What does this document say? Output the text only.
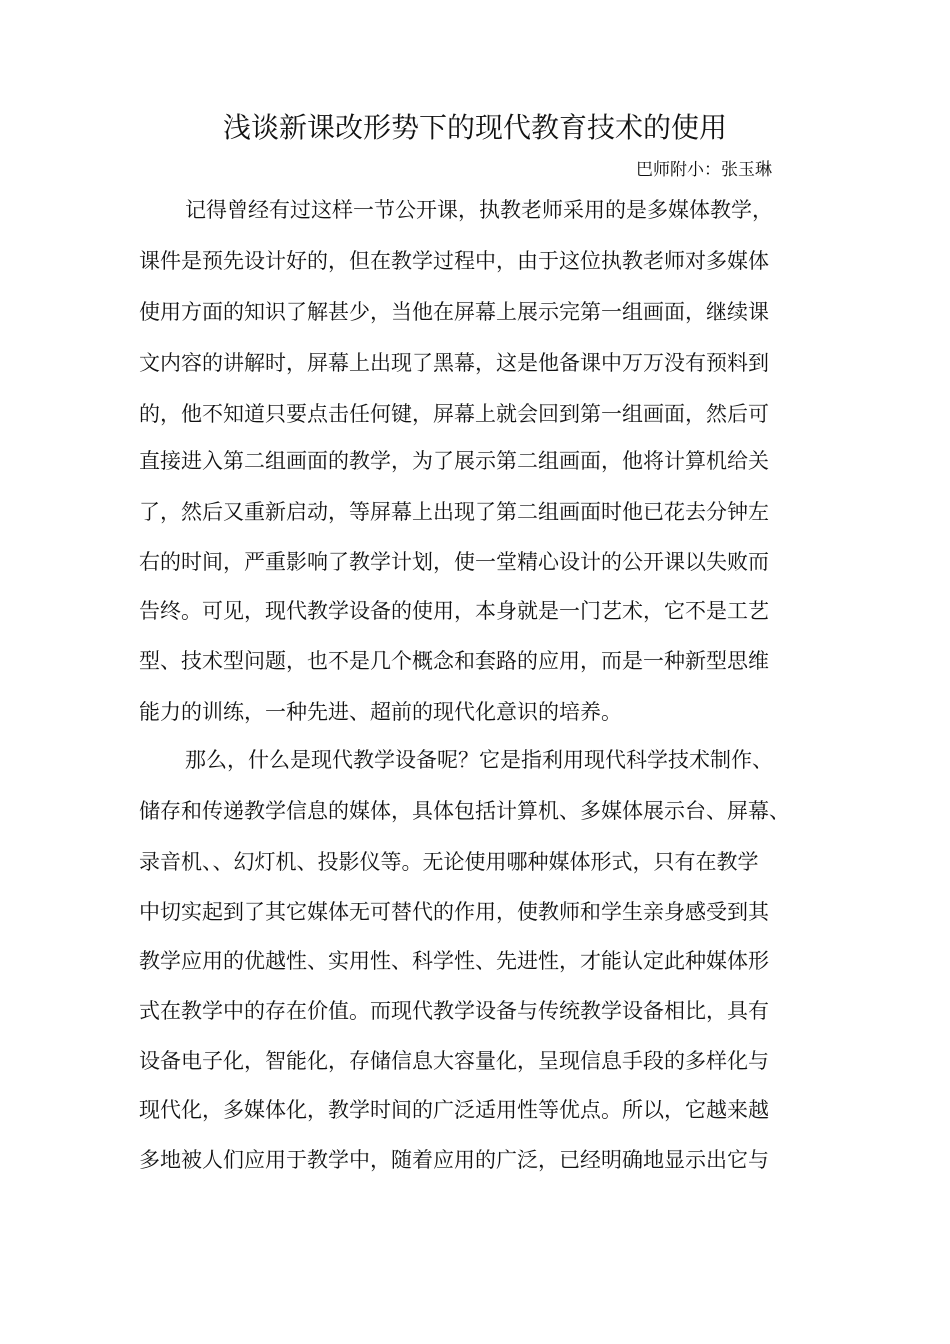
浅谈新课改形势下的现代教育技术的使用
巴师附小：张玉琳
记得曾经有过这样一节公开课，执教老师采用的是多媒体教学，
课件是预先设计好的，但在教学过程中，由于这位执教老师对多媒体
使用方面的知识了解甚少，当他在屏幕上展示完第一组画面，继续课
文内容的讲解时，屏幕上出现了黑幕，这是他备课中万万没有预料到
的，他不知道只要点击任何键，屏幕上就会回到第一组画面，然后可
直接进入第二组画面的教学，为了展示第二组画面，他将计算机给关
了，然后又重新启动，等屏幕上出现了第二组画面时他已花去分钟左
右的时间，严重影响了教学计划，使一堂精心设计的公开课以失败而
告终。可见，现代教学设备的使用，本身就是一门艺术，它不是工艺
型、技术型问题，也不是几个概念和套路的应用，而是一种新型思维
能力的训练，一种先进、超前的现代化意识的培养。
那么，什么是现代教学设备呢？它是指利用现代科学技术制作、
储存和传递教学信息的媒体，具体包括计算机、多媒体展示台、屏幕、
录音机、、幻灯机、投影仪等。无论使用哪种媒体形式，只有在教学
中切实起到了其它媒体无可替代的作用，使教师和学生亲身感受到其
教学应用的优越性、实用性、科学性、先进性，才能认定此种媒体形
式在教学中的存在价值。而现代教学设备与传统教学设备相比，具有
设备电子化，智能化，存储信息大容量化，呈现信息手段的多样化与
现代化，多媒体化，教学时间的广泛适用性等优点。所以，它越来越
多地被人们应用于教学中，随着应用的广泛，已经明确地显示出它与
